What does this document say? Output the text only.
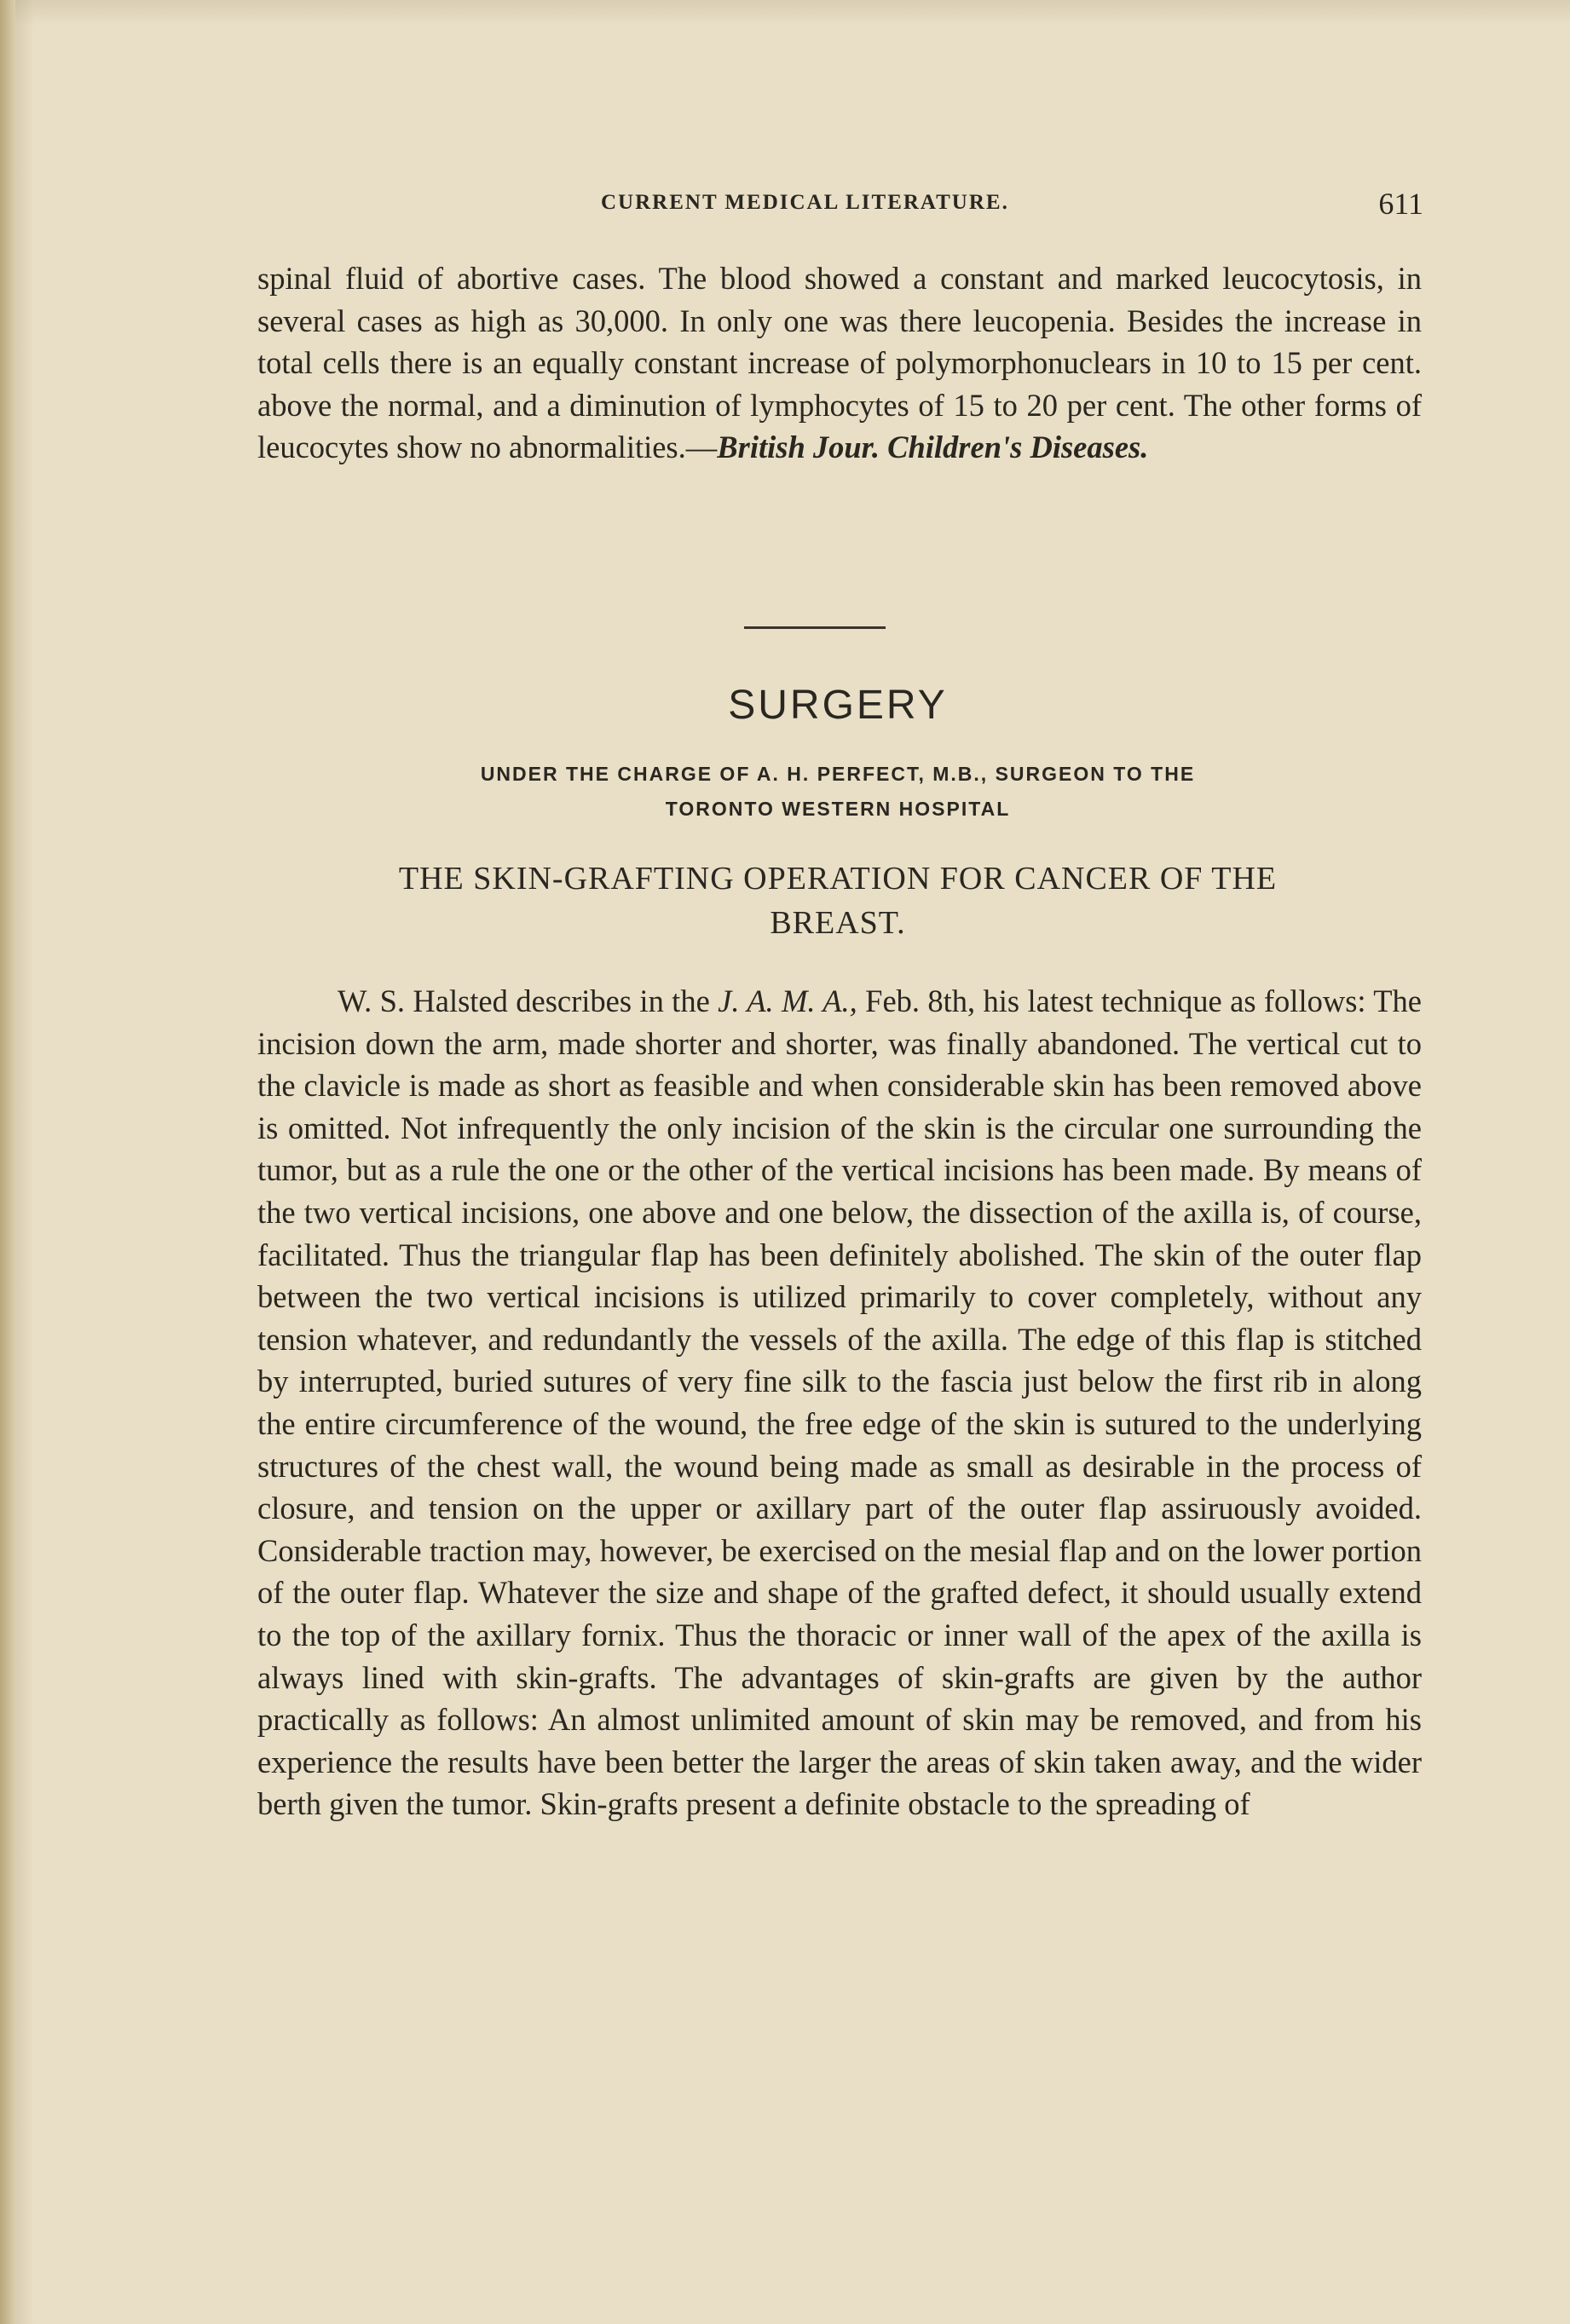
CURRENT MEDICAL LITERATURE.	611
spinal fluid of abortive cases. The blood showed a constant and marked leucocytosis, in several cases as high as 30,000. In only one was there leucopenia. Besides the increase in total cells there is an equally constant increase of polymorphonuclears in 10 to 15 per cent. above the normal, and a diminution of lymphocytes of 15 to 20 per cent. The other forms of leucocytes show no abnormalities.—British Jour. Children's Diseases.
SURGERY
UNDER THE CHARGE OF A. H. PERFECT, M.B., SURGEON TO THE
TORONTO WESTERN HOSPITAL
THE SKIN-GRAFTING OPERATION FOR CANCER OF THE
BREAST.
W. S. Halsted describes in the J. A. M. A., Feb. 8th, his latest technique as follows: The incision down the arm, made shorter and shorter, was finally abandoned. The vertical cut to the clavicle is made as short as feasible and when considerable skin has been removed above is omitted. Not infrequently the only incision of the skin is the circular one surrounding the tumor, but as a rule the one or the other of the vertical incisions has been made. By means of the two vertical incisions, one above and one below, the dissection of the axilla is, of course, facilitated. Thus the triangular flap has been definitely abolished. The skin of the outer flap between the two vertical incisions is utilized primarily to cover completely, without any tension whatever, and redundantly the vessels of the axilla. The edge of this flap is stitched by interrupted, buried sutures of very fine silk to the fascia just below the first rib in along the entire circumference of the wound, the free edge of the skin is sutured to the underlying structures of the chest wall, the wound being made as small as desirable in the process of closure, and tension on the upper or axillary part of the outer flap assiruously avoided. Considerable traction may, however, be exercised on the mesial flap and on the lower portion of the outer flap. Whatever the size and shape of the grafted defect, it should usually extend to the top of the axillary fornix. Thus the thoracic or inner wall of the apex of the axilla is always lined with skin-grafts. The advantages of skin-grafts are given by the author practically as follows: An almost unlimited amount of skin may be removed, and from his experience the results have been better the larger the areas of skin taken away, and the wider berth given the tumor. Skin-grafts present a definite obstacle to the spreading of
